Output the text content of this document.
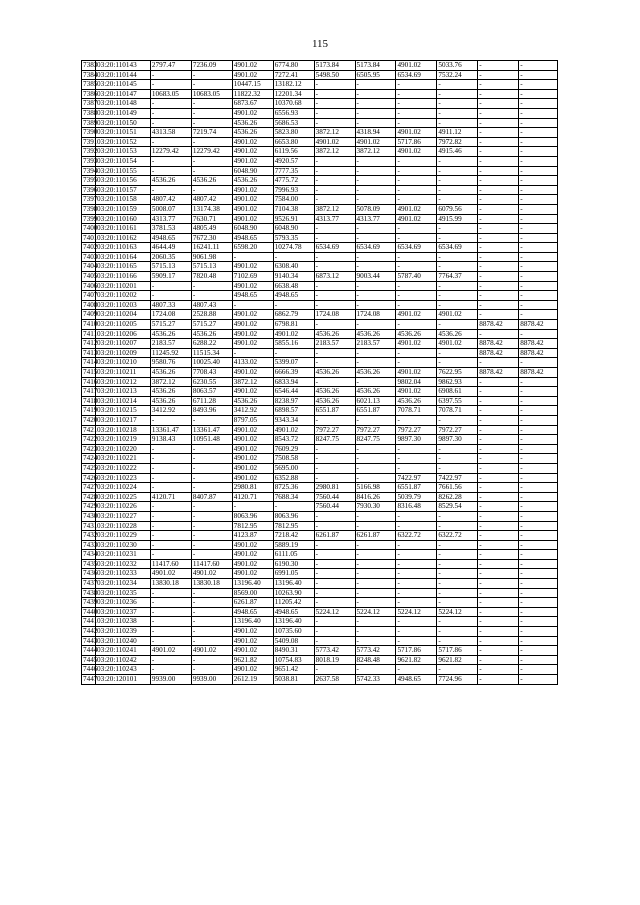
115
7383	03:20:110143	2797.47	7236.09	4901.02	6774.80	5173.84	5173.84	4901.02	5033.76	-	-
7384	03:20:110144	-	-	4901.02	7272.41	5498.50	6505.95	6534.69	7532.24	-	-
7385	03:20:110145	-	-	10447.15	13182.12	-	-	-	-	-	-
7386	03:20:110147	10683.05	10683.05	11822.32	12201.34	-	-	-	-	-	-
7387	03:20:110148	-	-	6873.67	10370.68	-	-	-	-	-	-
7388	03:20:110149	-	-	4901.02	6556.93	-	-	-	-	-	-
7389	03:20:110150	-	-	4536.26	5686.53	-	-	-	-	-	-
7390	03:20:110151	4313.58	7219.74	4536.26	5823.80	3872.12	4318.94	4901.02	4911.12	-	-
7391	03:20:110152	-	-	4901.02	6653.80	4901.02	4901.02	5717.86	7972.82	-	-
7392	03:20:110153	12279.42	12279.42	4901.02	6119.56	3872.12	3872.12	4901.02	4915.46	-	-
7393	03:20:110154	-	-	4901.02	4920.57	-	-	-	-	-	-
7394	03:20:110155	-	-	6048.90	7777.35	-	-	-	-	-	-
7395	03:20:110156	4536.26	4536.26	4536.26	4775.72	-	-	-	-	-	-
7396	03:20:110157	-	-	4901.02	7996.93	-	-	-	-	-	-
7397	03:20:110158	4807.42	4807.42	4901.02	7584.00	-	-	-	-	-	-
7398	03:20:110159	5008.07	13174.38	4901.02	7104.38	3872.12	5078.09	4901.02	6079.56	-	-
7399	03:20:110160	4313.77	7630.71	4901.02	9526.91	4313.77	4313.77	4901.02	4915.99	-	-
7400	03:20:110161	3781.53	4805.49	6048.90	6048.90	-	-	-	-	-	-
7401	03:20:110162	4948.65	7672.30	4948.65	5793.35	-	-	-	-	-	-
7402	03:20:110163	4644.49	16241.11	6598.20	10274.78	6534.69	6534.69	6534.69	6534.69	-	-
7403	03:20:110164	2060.35	9061.98	-	-	-	-	-	-	-	-
7404	03:20:110165	5715.13	5715.13	4901.02	6308.40	-	-	-	-	-	-
7405	03:20:110166	5909.17	7820.48	7102.69	9140.34	6873.12	9003.44	5787.40	7764.37	-	-
7406	03:20:110201	-	-	4901.02	6638.48	-	-	-	-	-	-
7407	03:20:110202	-	-	4948.65	4948.65	-	-	-	-	-	-
7408	03:20:110203	4807.33	4807.43	-	-	-	-	-	-	-	-
7409	03:20:110204	1724.08	2528.88	4901.02	6862.79	1724.08	1724.08	4901.02	4901.02	-	-
7410	03:20:110205	5715.27	5715.27	4901.02	6798.81	-	-	-	-	8878.42	8878.42
7411	03:20:110206	4536.26	4536.26	4901.02	4901.02	4536.26	4536.26	4536.26	4536.26	-	-
7412	03:20:110207	2183.57	6288.22	4901.02	5855.16	2183.57	2183.57	4901.02	4901.02	8878.42	8878.42
7413	03:20:110209	11245.92	11515.34	-	-	-	-	-	-	8878.42	8878.42
7414	03:20:110210	9580.76	10025.40	4133.02	5399.07	-	-	-	-	-	-
7415	03:20:110211	4536.26	7708.43	4901.02	6666.39	4536.26	4536.26	4901.02	7622.95	8878.42	8878.42
7416	03:20:110212	3872.12	6230.55	3872.12	6833.94	-	-	9802.04	9862.93	-	-
7417	03:20:110213	4536.26	8063.57	4901.02	6546.44	4536.26	4536.26	4901.02	6908.61	-	-
7418	03:20:110214	4536.26	6711.28	4536.26	8238.97	4536.26	6021.13	4536.26	6397.55	-	-
7419	03:20:110215	3412.92	8493.96	3412.92	6898.57	6551.87	6551.87	7078.71	7078.71	-	-
7420	03:20:110217	-	-	8797.05	9343.34	-	-	-	-	-	-
7421	03:20:110218	13361.47	13361.47	4901.02	4901.02	7972.27	7972.27	7972.27	7972.27	-	-
7422	03:20:110219	9138.43	10951.48	4901.02	8543.72	8247.75	8247.75	9897.30	9897.30	-	-
7423	03:20:110220	-	-	4901.02	7609.29	-	-	-	-	-	-
7424	03:20:110221	-	-	4901.02	7508.58	-	-	-	-	-	-
7425	03:20:110222	-	-	4901.02	5695.00	-	-	-	-	-	-
7426	03:20:110223	-	-	4901.02	6352.88	-	-	7422.97	7422.97	-	-
7427	03:20:110224	-	-	2980.81	8725.36	2980.81	5166.98	6551.87	7661.56	-	-
7428	03:20:110225	4120.71	8407.87	4120.71	7688.34	7560.44	8416.26	5039.79	8262.28	-	-
7429	03:20:110226	-	-	-	-	7560.44	7930.30	8316.48	8529.54	-	-
7430	03:20:110227	-	-	8063.96	8063.96	-	-	-	-	-	-
7431	03:20:110228	-	-	7812.95	7812.95	-	-	-	-	-	-
7432	03:20:110229	-	-	4123.87	7218.42	6261.87	6261.87	6322.72	6322.72	-	-
7433	03:20:110230	-	-	4901.02	5889.19	-	-	-	-	-	-
7434	03:20:110231	-	-	4901.02	6111.05	-	-	-	-	-	-
7435	03:20:110232	11417.60	11417.60	4901.02	6190.30	-	-	-	-	-	-
7436	03:20:110233	4901.02	4901.02	4901.02	6991.05	-	-	-	-	-	-
7437	03:20:110234	13830.18	13830.18	13196.40	13196.40	-	-	-	-	-	-
7438	03:20:110235	-	-	8569.00	10263.90	-	-	-	-	-	-
7439	03:20:110236	-	-	6261.87	11205.42	-	-	-	-	-	-
7440	03:20:110237	-	-	4948.65	4948.65	5224.12	5224.12	5224.12	5224.12	-	-
7441	03:20:110238	-	-	13196.40	13196.40	-	-	-	-	-	-
7442	03:20:110239	-	-	4901.02	10735.60	-	-	-	-	-	-
7443	03:20:110240	-	-	4901.02	5409.08	-	-	-	-	-	-
7444	03:20:110241	4901.02	4901.02	4901.02	8490.31	5773.42	5773.42	5717.86	5717.86	-	-
7445	03:20:110242	-	-	9621.82	10754.83	8018.19	8248.48	9621.82	9621.82	-	-
7446	03:20:110243	-	-	4901.02	9651.42	-	-	-	-	-	-
7447	03:20:120101	9939.00	9939.00	2612.19	5038.81	2637.58	5742.33	4948.65	7724.96	-	-
